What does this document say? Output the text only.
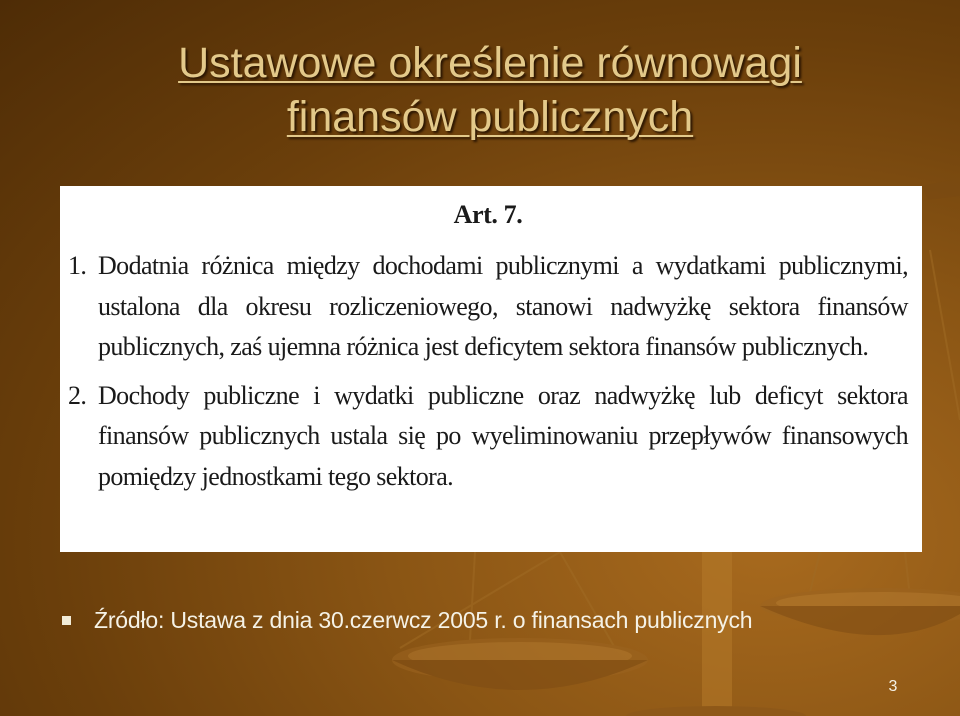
Ustawowe określenie równowagi
finansów publicznych
Art. 7.
1. Dodatnia różnica między dochodami publicznymi a wydatkami publicznymi, ustalona dla okresu rozliczeniowego, stanowi nadwyżkę sektora finansów publicznych, zaś ujemna różnica jest deficytem sektora finansów publicznych.
2. Dochody publiczne i wydatki publiczne oraz nadwyżkę lub deficyt sektora finansów publicznych ustala się po wyeliminowaniu przepływów finansowych pomiędzy jednostkami tego sektora.
Źródło: Ustawa z dnia 30.czerwcz 2005 r. o finansach publicznych
3
